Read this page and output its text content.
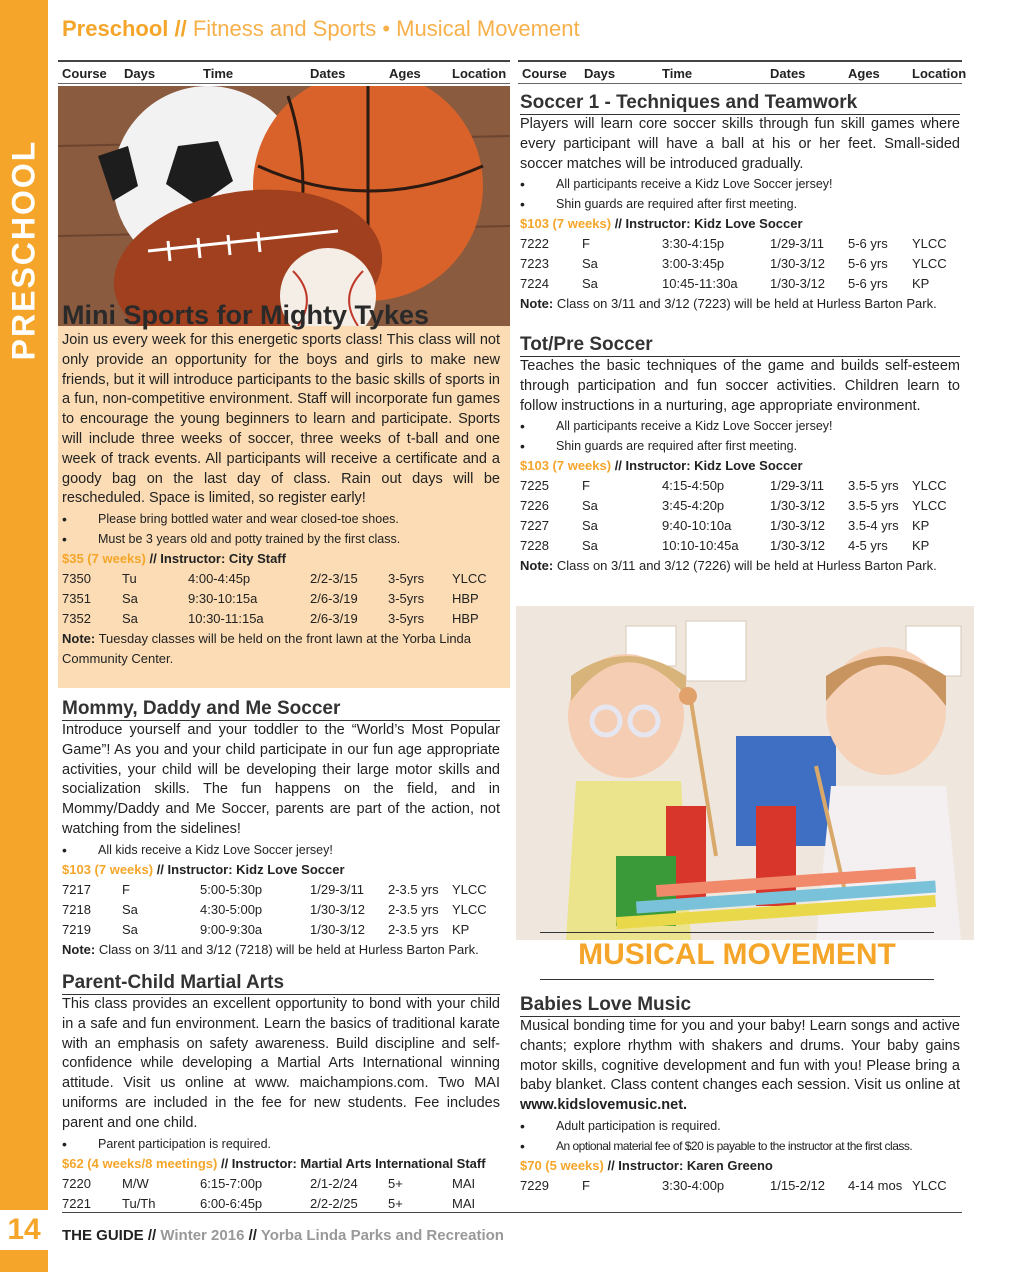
PRESCHOOL
14
Preschool // Fitness and Sports • Musical Movement
Course Days	Time	Dates	Ages Location Course Days	Time	Dates	Ages Location
Mini Sports for Mighty Tykes
Join us every week for this energetic sports class! This class will not only provide an opportunity for the boys and girls to make new friends, but it will introduce participants to the basic skills of sports in a fun, non-competitive environment. Staff will incorporate fun games to encourage the young beginners to learn and participate. Sports will include three weeks of soccer, three weeks of t-ball and one week of track events. All participants will receive a certificate and a goody bag on the last day of class. Rain out days will be rescheduled. Space is limited, so register early!
• Please bring bottled water and wear closed-toe shoes.
• Must be 3 years old and potty trained by the first class.
$35 (7 weeks) // Instructor: City Staff
7350 Tu	4:00-4:45p	2/2-3/15 3-5yrs YLCC
7351 Sa	9:30-10:15a	2/6-3/19 3-5yrs HBP
7352 Sa	10:30-11:15a	2/6-3/19 3-5yrs HBP
Note: Tuesday classes will be held on the front lawn at the Yorba Linda Community Center.
Mommy, Daddy and Me Soccer
Introduce yourself and your toddler to the “World’s Most Popular Game”! As you and your child participate in our fun age appropriate activities, your child will be developing their large motor skills and socialization skills. The fun happens on the field, and in Mommy/Daddy and Me Soccer, parents are part of the action, not watching from the sidelines!
• All kids receive a Kidz Love Soccer jersey!
$103 (7 weeks) // Instructor: Kidz Love Soccer
7217 F	5:00-5:30p	1/29-3/11 2-3.5 yrs YLCC
7218 Sa	4:30-5:00p	1/30-3/12 2-3.5 yrs YLCC
7219 Sa	9:00-9:30a	1/30-3/12 2-3.5 yrs KP
Note: Class on 3/11 and 3/12 (7218) will be held at Hurless Barton Park.
Parent-Child Martial Arts
This class provides an excellent opportunity to bond with your child in a safe and fun environment. Learn the basics of traditional karate with an emphasis on safety awareness. Build discipline and self-confidence while developing a Martial Arts International winning attitude. Visit us online at www. maichampions.com. Two MAI uniforms are included in the fee for new students. Fee includes parent and one child.
• Parent participation is required.
$62 (4 weeks/8 meetings) // Instructor: Martial Arts International Staff
7220 M/W	6:15-7:00p	2/1-2/24 5+	MAI
7221 Tu/Th	6:00-6:45p	2/2-2/25 5+	MAI
Soccer 1 - Techniques and Teamwork
Players will learn core soccer skills through fun skill games where every participant will have a ball at his or her feet. Small-sided soccer matches will be introduced gradually.
• All participants receive a Kidz Love Soccer jersey!
• Shin guards are required after first meeting.
$103 (7 weeks) // Instructor: Kidz Love Soccer
7222	F	3:30-4:15p	1/29-3/11 5-6 yrs YLCC
7223	Sa	3:00-3:45p	1/30-3/12 5-6 yrs YLCC
7224	Sa	10:45-11:30a 1/30-3/12 5-6 yrs KP
Note: Class on 3/11 and 3/12 (7223) will be held at Hurless Barton Park.
Tot/Pre Soccer
Teaches the basic techniques of the game and builds self-esteem through participation and fun soccer activities. Children learn to follow instructions in a nurturing, age appropriate environment.
• All participants receive a Kidz Love Soccer jersey!
• Shin guards are required after first meeting.
$103 (7 weeks) // Instructor: Kidz Love Soccer
7225	F	4:15-4:50p	1/29-3/11 3.5-5 yrs YLCC
7226	Sa	3:45-4:20p	1/30-3/12 3.5-5 yrs YLCC
7227	Sa	9:40-10:10a	1/30-3/12 3.5-4 yrs KP
7228	Sa	10:10-10:45a 1/30-3/12 4-5 yrs KP
Note: Class on 3/11 and 3/12 (7226) will be held at Hurless Barton Park.
MUSICAL MOVEMENT
Babies Love Music
Musical bonding time for you and your baby! Learn songs and active chants; explore rhythm with shakers and drums. Your baby gains motor skills, cognitive development and fun with you! Please bring a baby blanket. Class content changes each session. Visit us online at www.kidslovemusic.net.
• Adult participation is required.
• An optional material fee of $20 is payable to the instructor at the first class.
$70 (5 weeks) // Instructor: Karen Greeno
7229	F	3:30-4:00p	1/15-2/12 4-14 mos YLCC
THE GUIDE // Winter 2016 // Yorba Linda Parks and Recreation
